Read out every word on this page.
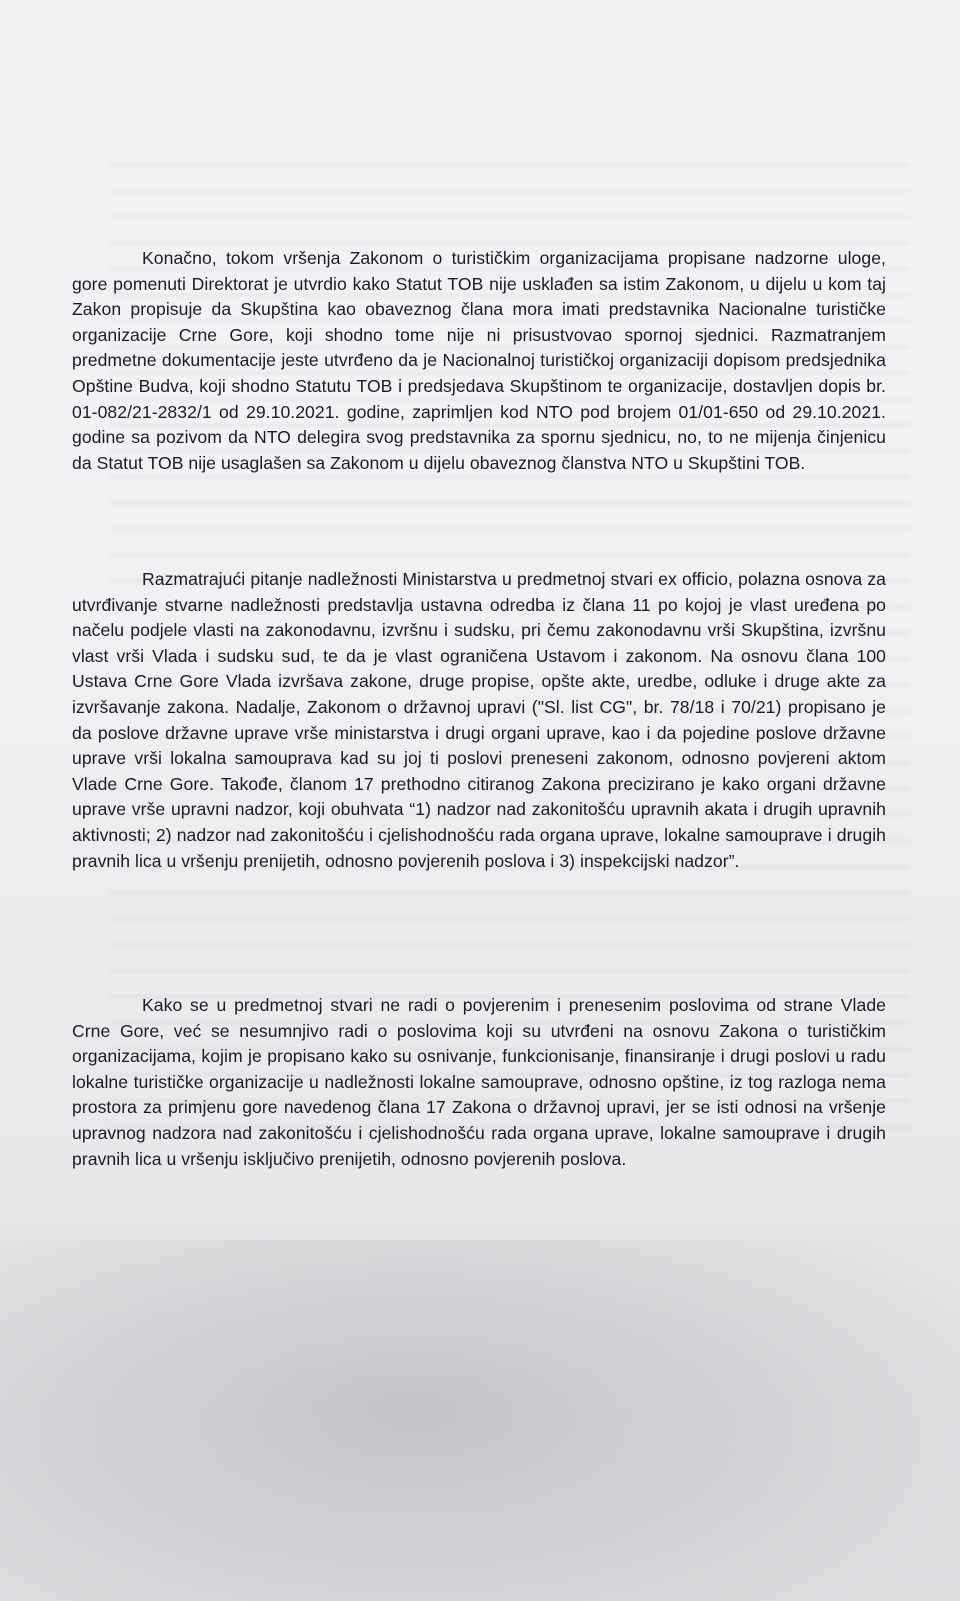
Konačno, tokom vršenja Zakonom o turističkim organizacijama propisane nadzorne uloge, gore pomenuti Direktorat je utvrdio kako Statut TOB nije usklađen sa istim Zakonom, u dijelu u kom taj Zakon propisuje da Skupština kao obaveznog člana mora imati predstavnika Nacionalne turističke organizacije Crne Gore, koji shodno tome nije ni prisustvovao spornoj sjednici. Razmatranjem predmetne dokumentacije jeste utvrđeno da je Nacionalnoj turističkoj organizaciji dopisom predsjednika Opštine Budva, koji shodno Statutu TOB i predsjedava Skupštinom te organizacije, dostavljen dopis br. 01-082/21-2832/1 od 29.10.2021. godine, zaprimljen kod NTO pod brojem 01/01-650 od 29.10.2021. godine sa pozivom da NTO delegira svog predstavnika za spornu sjednicu, no, to ne mijenja činjenicu da Statut TOB nije usaglašen sa Zakonom u dijelu obaveznog članstva NTO u Skupštini TOB.

Razmatrajući pitanje nadležnosti Ministarstva u predmetnoj stvari ex officio, polazna osnova za utvrđivanje stvarne nadležnosti predstavlja ustavna odredba iz člana 11 po kojoj je vlast uređena po načelu podjele vlasti na zakonodavnu, izvršnu i sudsku, pri čemu zakonodavnu vrši Skupština, izvršnu vlast vrši Vlada i sudsku sud, te da je vlast ograničena Ustavom i zakonom. Na osnovu člana 100 Ustava Crne Gore Vlada izvršava zakone, druge propise, opšte akte, uredbe, odluke i druge akte za izvršavanje zakona. Nadalje, Zakonom o državnoj upravi ("Sl. list CG", br. 78/18 i 70/21) propisano je da poslove državne uprave vrše ministarstva i drugi organi uprave, kao i da pojedine poslove državne uprave vrši lokalna samouprava kad su joj ti poslovi preneseni zakonom, odnosno povjereni aktom Vlade Crne Gore. Takođe, članom 17 prethodno citiranog Zakona precizirano je kako organi državne uprave vrše upravni nadzor, koji obuhvata “1) nadzor nad zakonitošću upravnih akata i drugih upravnih aktivnosti; 2) nadzor nad zakonitošću i cjelishodnošću rada organa uprave, lokalne samouprave i drugih pravnih lica u vršenju prenijetih, odnosno povjerenih poslova i 3) inspekcijski nadzor”.

Kako se u predmetnoj stvari ne radi o povjerenim i prenesenim poslovima od strane Vlade Crne Gore, već se nesumnjivo radi o poslovima koji su utvrđeni na osnovu Zakona o turističkim organizacijama, kojim je propisano kako su osnivanje, funkcionisanje, finansiranje i drugi poslovi u radu lokalne turističke organizacije u nadležnosti lokalne samouprave, odnosno opštine, iz tog razloga nema prostora za primjenu gore navedenog člana 17 Zakona o državnoj upravi, jer se isti odnosi na vršenje upravnog nadzora nad zakonitošću i cjelishodnošću rada organa uprave, lokalne samouprave i drugih pravnih lica u vršenju isključivo prenijetih, odnosno povjerenih poslova.
